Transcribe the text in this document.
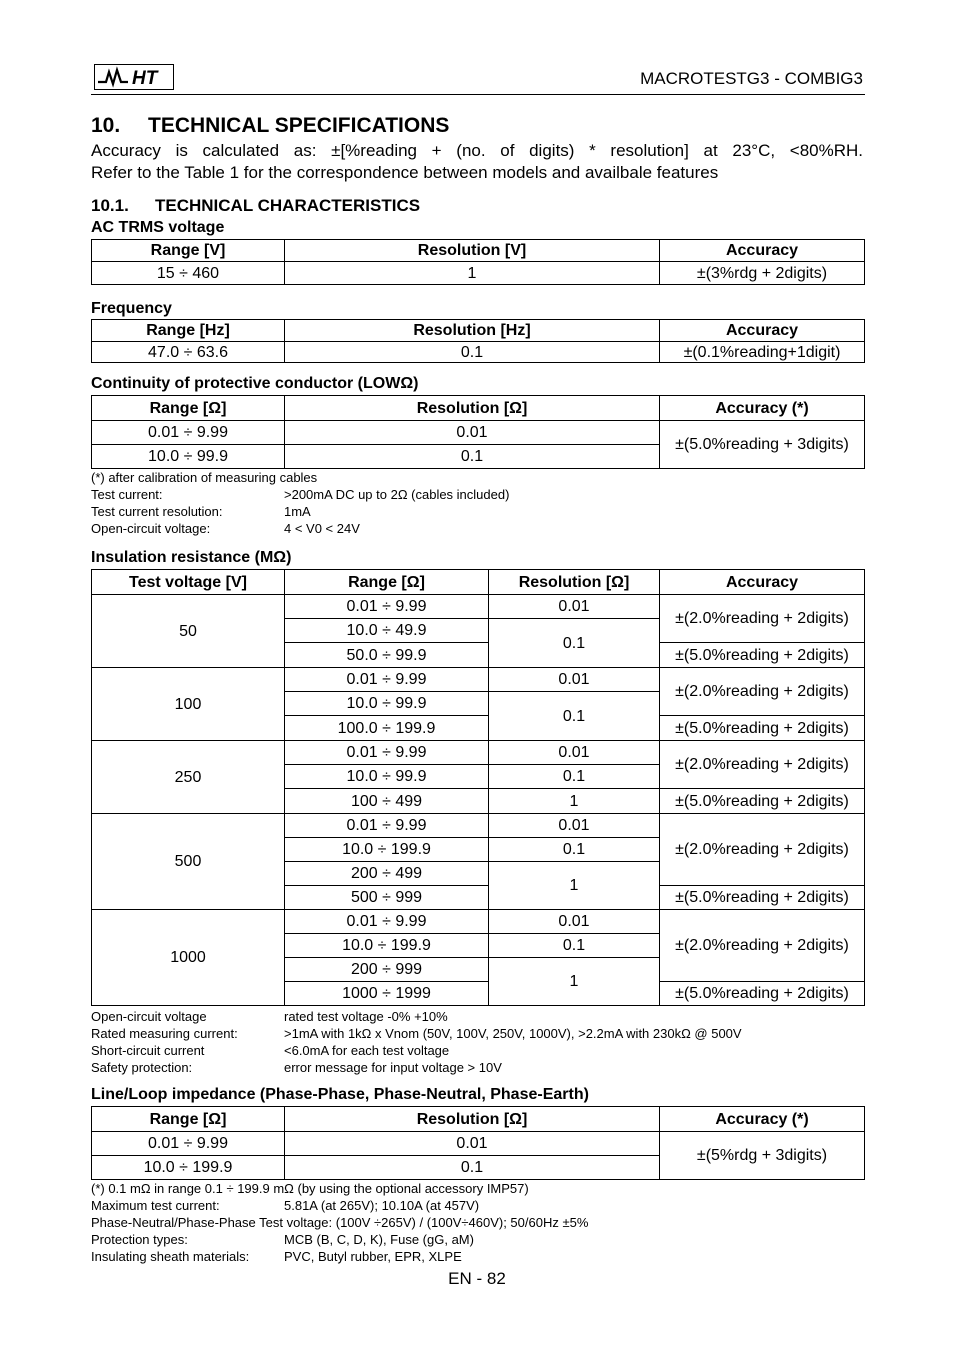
HT	MACROTESTG3 - COMBIG3
10. TECHNICAL SPECIFICATIONS

Accuracy is calculated as: ±[%reading + (no. of digits) * resolution] at 23°C, <80%RH.

Refer to the Table 1 for the correspondence between models and availbale features

10.1. TECHNICAL CHARACTERISTICS
AC TRMS voltage
Range [V]	Resolution [V]	Accuracy
15 ÷ 460	1	±(3%rdg + 2digits)
Frequency
Range [Hz]	Resolution [Hz]	Accuracy
47.0 ÷ 63.6	0.1	±(0.1%reading+1digit)
Continuity of protective conductor (LOWΩ)
Range [Ω]	Resolution [Ω]	Accuracy (*)
0.01 ÷ 9.99	0.01	±(5.0%reading + 3digits)
10.0 ÷ 99.9	0.1	
(*) after calibration of measuring cables
Test current:	>200mA DC up to 2Ω (cables included)
Test current resolution:	1mA
Open-circuit voltage:	4 < V0 < 24V
Insulation resistance (MΩ)
Test voltage [V]	Range [Ω]	Resolution [Ω]	Accuracy
50	0.01 ÷ 9.99	0.01	±(2.0%reading + 2digits)
	10.0 ÷ 49.9	0.1	
	50.0 ÷ 99.9		±(5.0%reading + 2digits)
100	0.01 ÷ 9.99	0.01	±(2.0%reading + 2digits)
	10.0 ÷ 99.9	0.1	
	100.0 ÷ 199.9		±(5.0%reading + 2digits)
250	0.01 ÷ 9.99	0.01	±(2.0%reading + 2digits)
	10.0 ÷ 99.9	0.1	
	100 ÷ 499	1	±(5.0%reading + 2digits)
500	0.01 ÷ 9.99	0.01	±(2.0%reading + 2digits)
	10.0 ÷ 199.9	0.1	
	200 ÷ 499	1	
	500 ÷ 999		±(5.0%reading + 2digits)
1000	0.01 ÷ 9.99	0.01	±(2.0%reading + 2digits)
	10.0 ÷ 199.9	0.1	
	200 ÷ 999	1	
	1000 ÷ 1999		±(5.0%reading + 2digits)
Open-circuit voltage	rated test voltage -0% +10%
Rated measuring current:	>1mA with 1kΩ x Vnom (50V, 100V, 250V, 1000V), >2.2mA with 230kΩ @ 500V
Short-circuit current	<6.0mA for each test voltage
Safety protection:	error message for input voltage > 10V
Line/Loop impedance (Phase-Phase, Phase-Neutral, Phase-Earth)
Range [Ω]	Resolution [Ω]	Accuracy (*)
0.01 ÷ 9.99	0.01	±(5%rdg + 3digits)
10.0 ÷ 199.9	0.1	
(*) 0.1 mΩ in range 0.1 ÷ 199.9 mΩ (by using the optional accessory IMP57)
Maximum test current:	5.81A (at 265V); 10.10A (at 457V)
Phase-Neutral/Phase-Phase Test voltage: (100V ÷265V) / (100V÷460V); 50/60Hz ±5%
Protection types:	MCB (B, C, D, K), Fuse (gG, aM)
Insulating sheath materials:	PVC, Butyl rubber, EPR, XLPE
EN - 82
